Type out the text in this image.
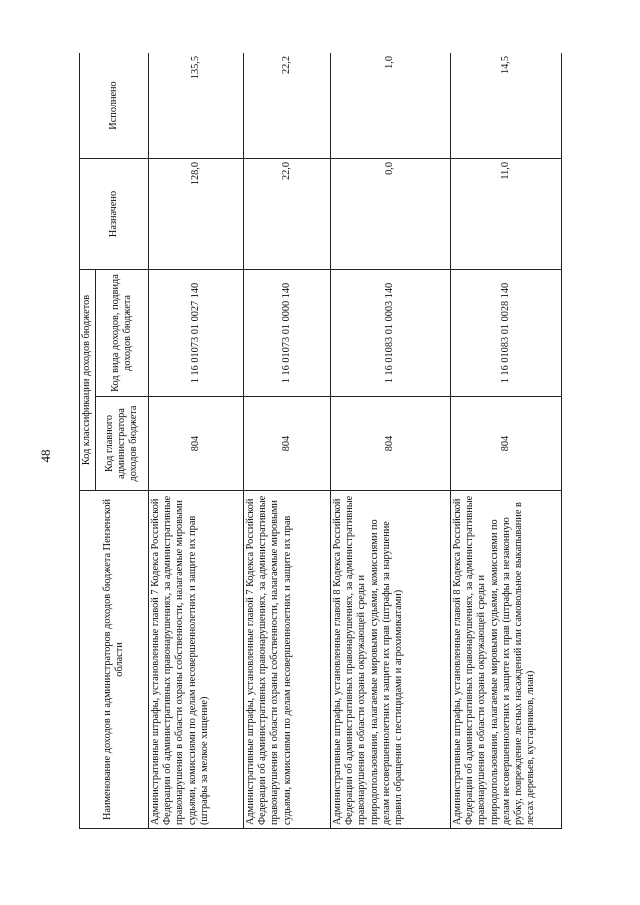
48
Наименование доходов и администраторов доходов бюджета Пензенской области	Код классификации доходов бюджетов		Назначено	Исполнено
	Код главного администратора доходов бюджета	Код вида доходов, подвида доходов бюджета		
Административные штрафы, установленные главой 7 Кодекса Российской Федерации об административных правонарушениях, за административные правонарушения в области охраны собственности, налагаемые мировыми судьями, комиссиями по делам несовершеннолетних и защите их прав (штрафы за мелкое хищение)	804	1 16 01073 01 0027 140	128,0	135,5
Административные штрафы, установленные главой 7 Кодекса Российской Федерации об административных правонарушениях, за административные правонарушения в области охраны собственности, налагаемые мировыми судьями, комиссиями по делам несовершеннолетних и защите их прав	804	1 16 01073 01 0000 140	22,0	22,2
Административные штрафы, установленные главой 8 Кодекса Российской Федерации об административных правонарушениях, за административные правонарушения в области охраны окружающей среды и природопользования, налагаемые мировыми судьями, комиссиями по делам несовершеннолетних и защите их прав (штрафы за нарушение правил обращения с пестицидами и агрохимикатами)	804	1 16 01083 01 0003 140	0,0	1,0
Административные штрафы, установленные главой 8 Кодекса Российской Федерации об административных правонарушениях, за административные правонарушения в области охраны окружающей среды и природопользования, налагаемые мировыми судьями, комиссиями по делам несовершеннолетних и защите их прав (штрафы за незаконную рубку, повреждение лесных насаждений или самовольное выкапывание в лесах деревьев, кустарников, лиан)	804	1 16 01083 01 0028 140	11,0	14,5
